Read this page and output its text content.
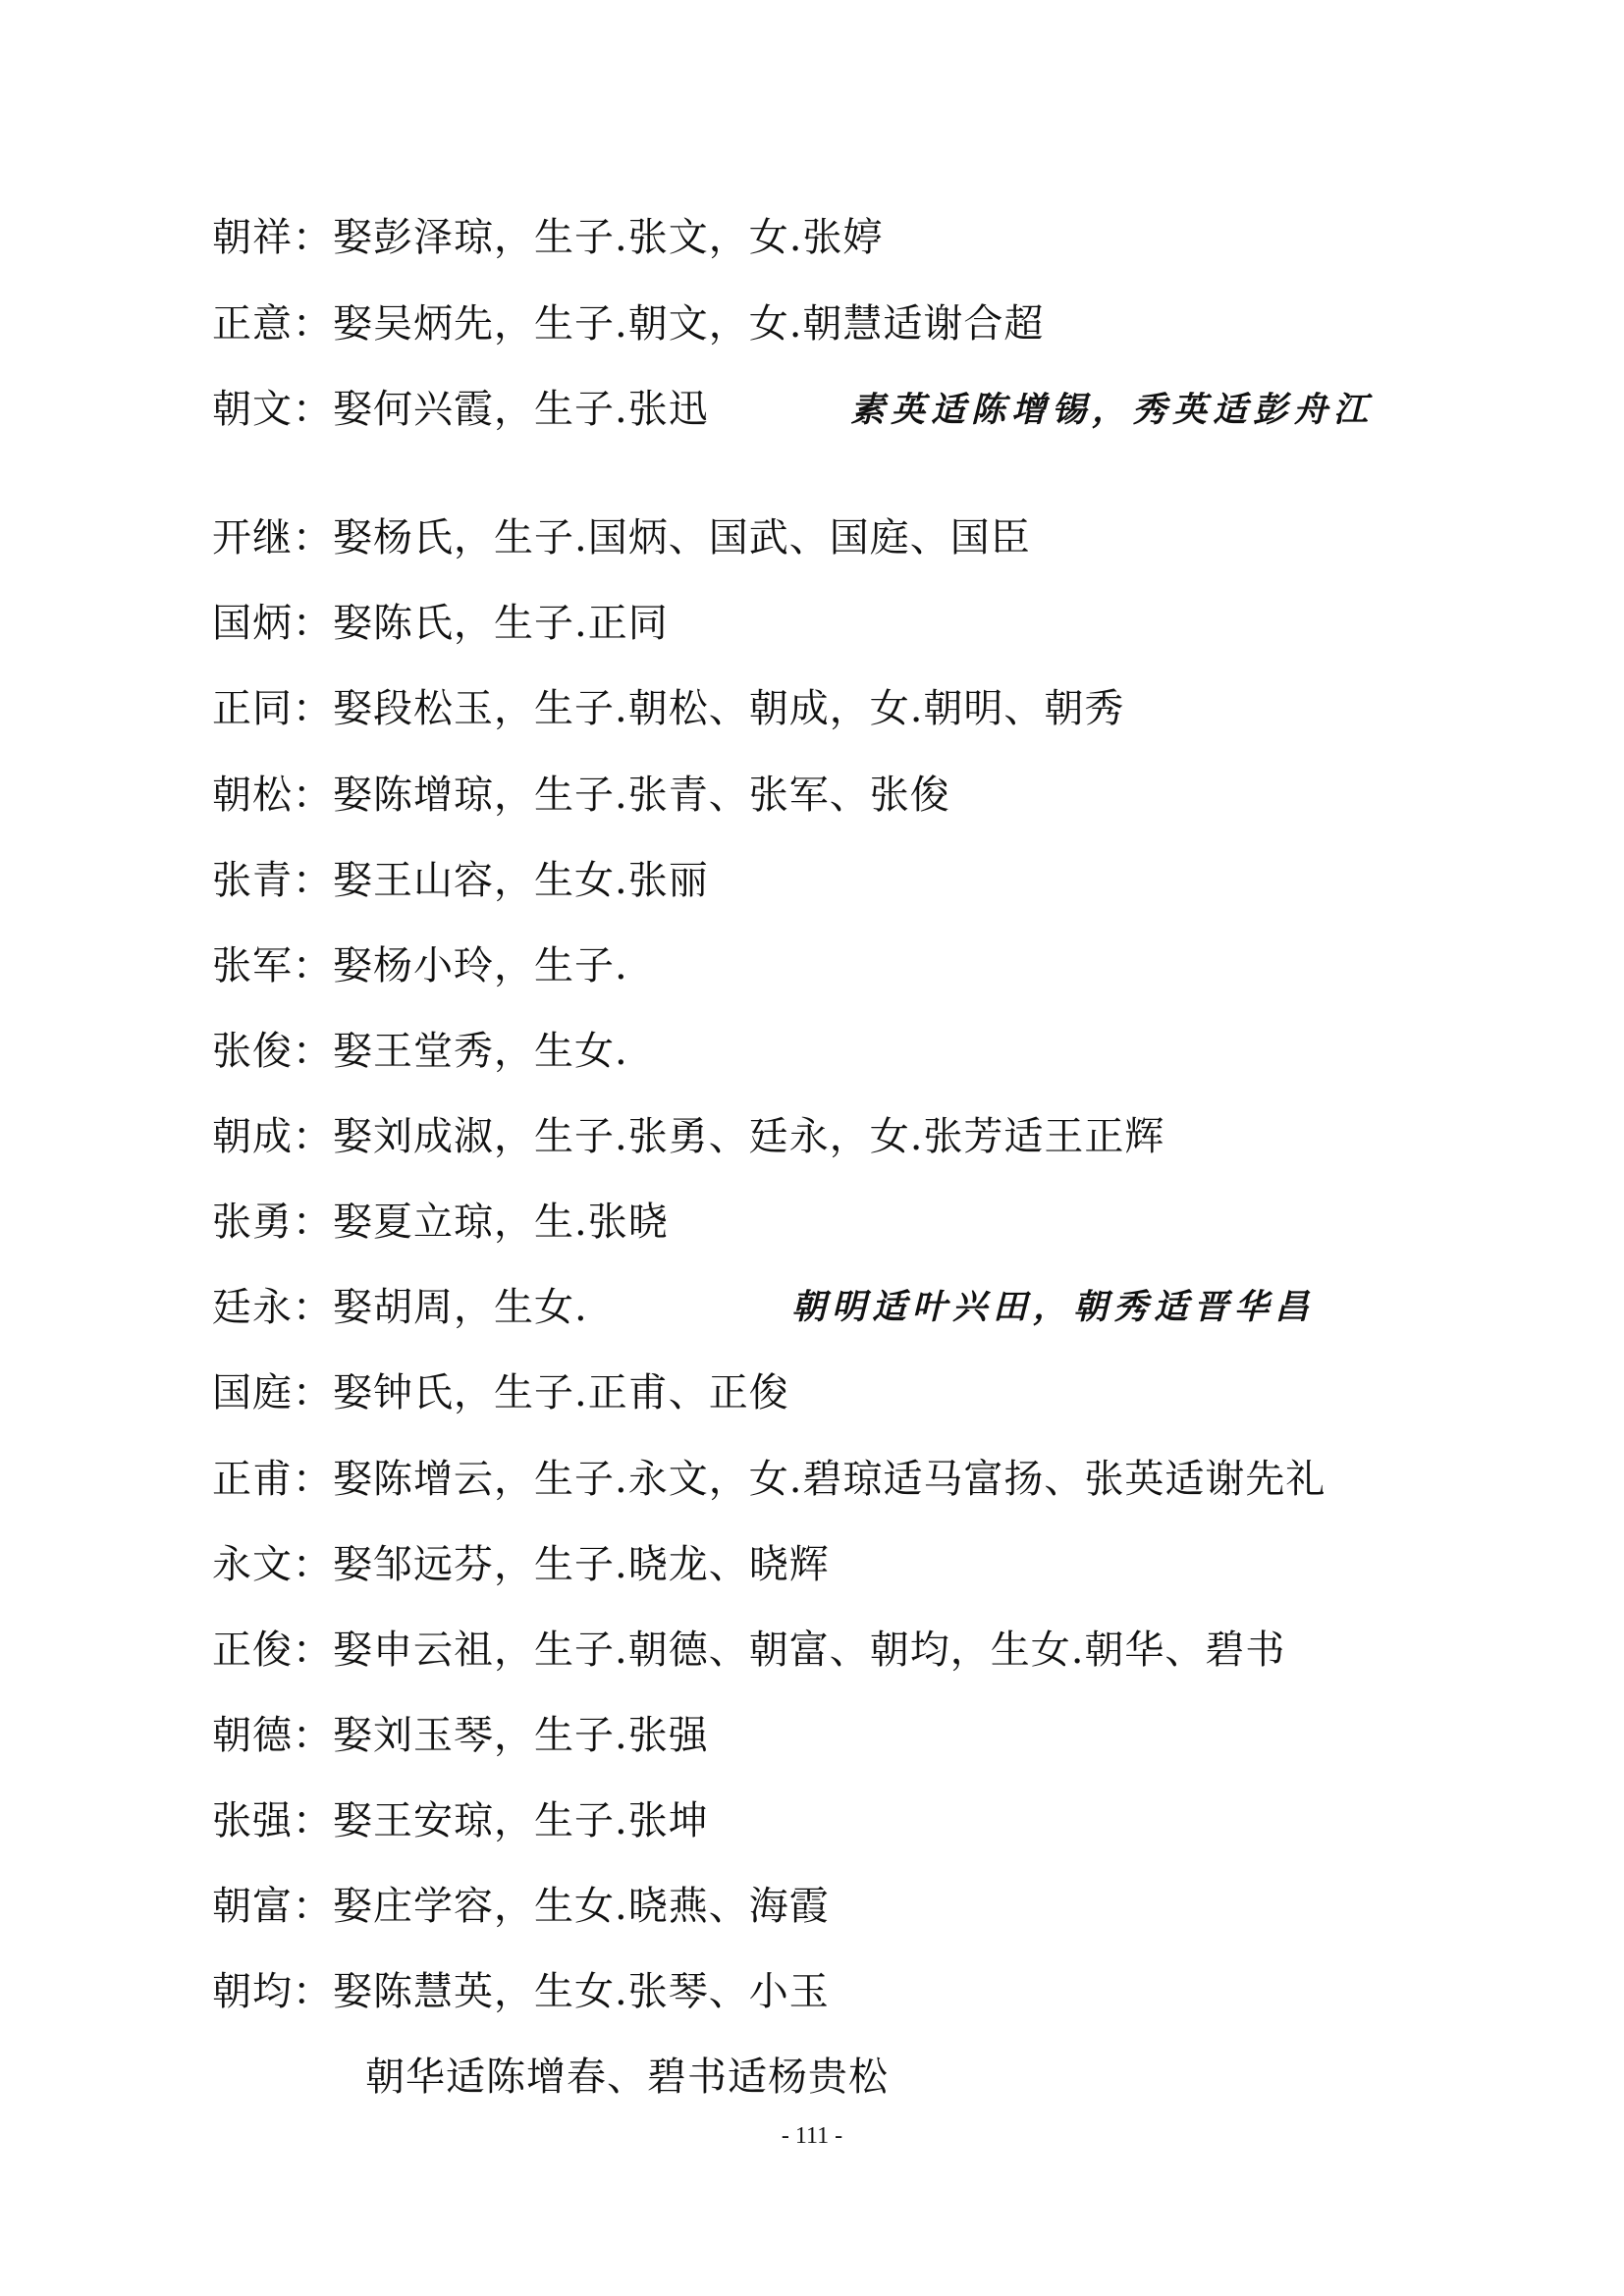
朝祥：娶彭泽琼，生子.张文，女.张婷
正意：娶吴炳先，生子.朝文，女.朝慧适谢合超
朝文：娶何兴霞，生子.张迅	素英适陈增锡，秀英适彭舟江
开继：娶杨氏，生子.国炳、国武、国庭、国臣
国炳：娶陈氏，生子.正同
正同：娶段松玉，生子.朝松、朝成，女.朝明、朝秀
朝松：娶陈增琼，生子.张青、张军、张俊
张青：娶王山容，生女.张丽
张军：娶杨小玲，生子.
张俊：娶王堂秀，生女.
朝成：娶刘成淑，生子.张勇、廷永，女.张芳适王正辉
张勇：娶夏立琼，生.张晓
廷永：娶胡周，生女.	朝明适叶兴田，朝秀适晋华昌
国庭：娶钟氏，生子.正甫、正俊
正甫：娶陈增云，生子.永文，女.碧琼适马富扬、张英适谢先礼
永文：娶邹远芬，生子.晓龙、晓辉
正俊：娶申云祖，生子.朝德、朝富、朝均，生女.朝华、碧书
朝德：娶刘玉琴，生子.张强
张强：娶王安琼，生子.张坤
朝富：娶庄学容，生女.晓燕、海霞
朝均：娶陈慧英，生女.张琴、小玉
朝华适陈增春、碧书适杨贵松
- 111 -
